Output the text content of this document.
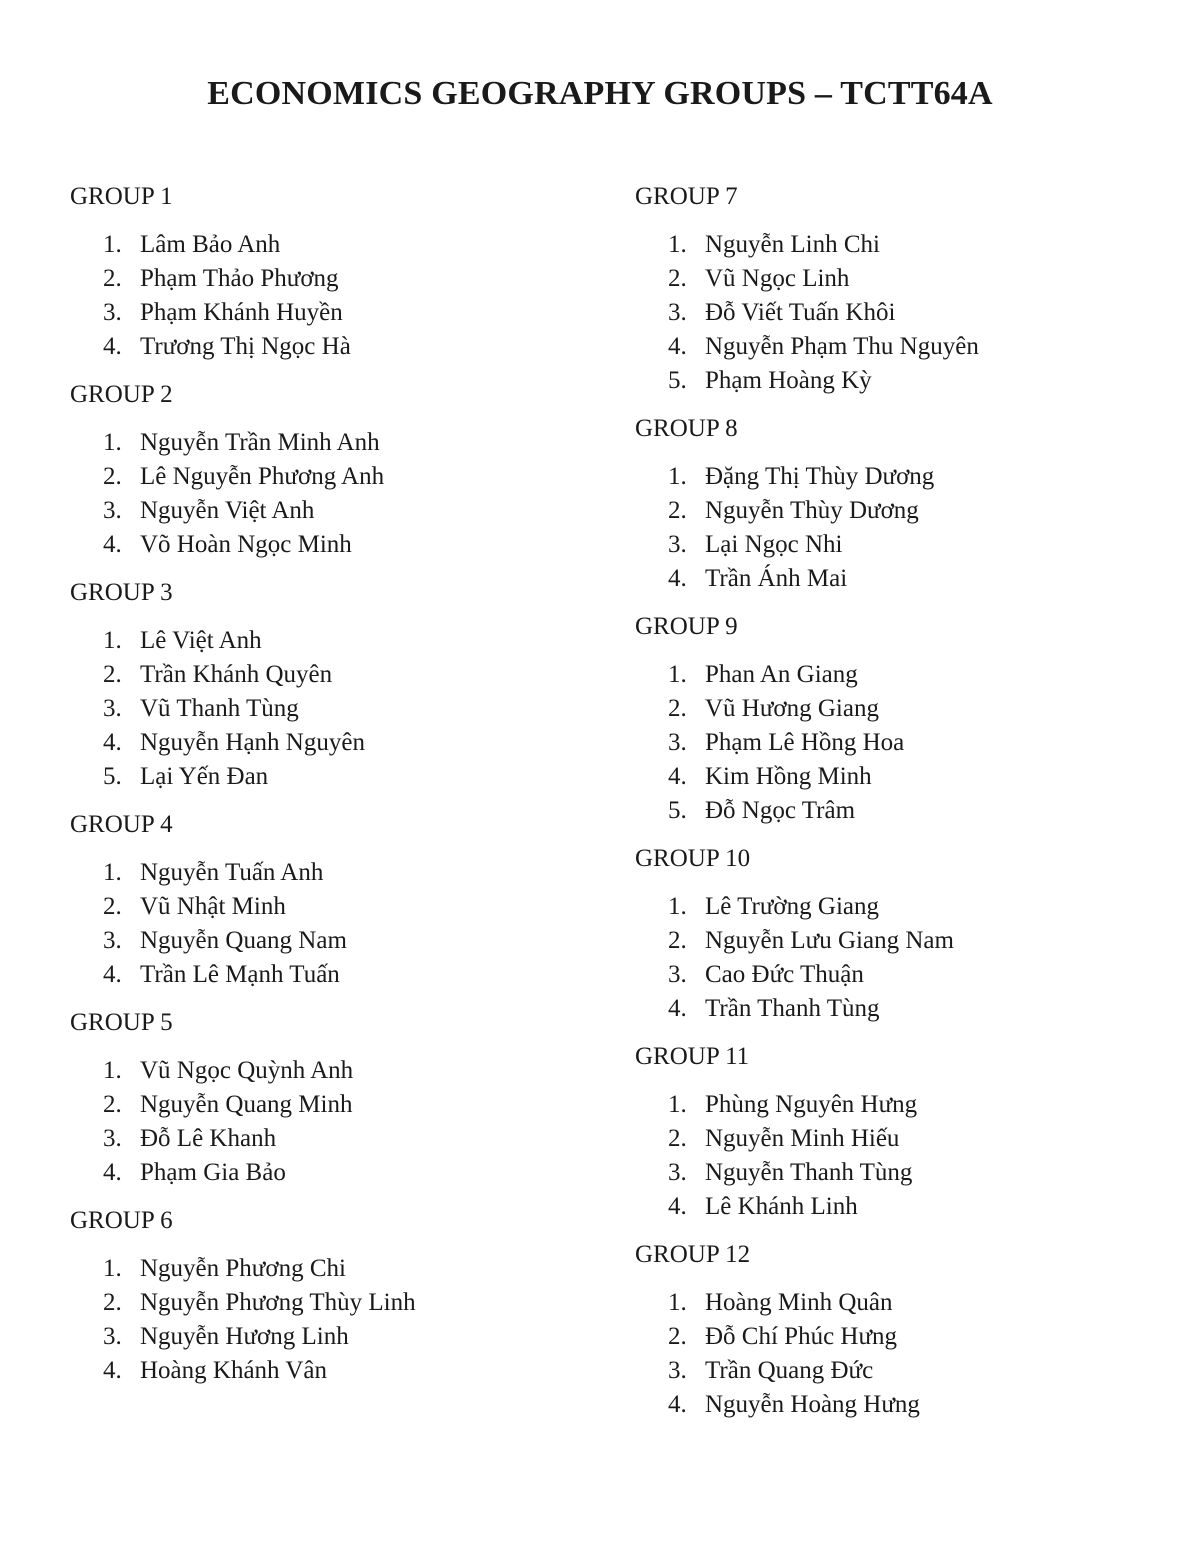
ECONOMICS GEOGRAPHY GROUPS – TCTT64A
GROUP 1
1. Lâm Bảo Anh
2. Phạm Thảo Phương
3. Phạm Khánh Huyền
4. Trương Thị Ngọc Hà
GROUP 2
1. Nguyễn Trần Minh Anh
2. Lê Nguyễn Phương Anh
3. Nguyễn Việt Anh
4. Võ Hoàn Ngọc Minh
GROUP 3
1. Lê Việt Anh
2. Trần Khánh Quyên
3. Vũ Thanh Tùng
4. Nguyễn Hạnh Nguyên
5. Lại Yến Đan
GROUP 4
1. Nguyễn Tuấn Anh
2. Vũ Nhật Minh
3. Nguyễn Quang Nam
4. Trần Lê Mạnh Tuấn
GROUP 5
1. Vũ Ngọc Quỳnh Anh
2. Nguyễn Quang Minh
3. Đỗ Lê Khanh
4. Phạm Gia Bảo
GROUP 6
1. Nguyễn Phương Chi
2. Nguyễn Phương Thùy Linh
3. Nguyễn Hương Linh
4. Hoàng Khánh Vân
GROUP 7
1. Nguyễn Linh Chi
2. Vũ Ngọc Linh
3. Đỗ Viết Tuấn Khôi
4. Nguyễn Phạm Thu Nguyên
5. Phạm Hoàng Kỳ
GROUP 8
1. Đặng Thị Thùy Dương
2. Nguyễn Thùy Dương
3. Lại Ngọc Nhi
4. Trần Ánh Mai
GROUP 9
1. Phan An Giang
2. Vũ Hương Giang
3. Phạm Lê Hồng Hoa
4. Kim Hồng Minh
5. Đỗ Ngọc Trâm
GROUP 10
1. Lê Trường Giang
2. Nguyễn Lưu Giang Nam
3. Cao Đức Thuận
4. Trần Thanh Tùng
GROUP 11
1. Phùng Nguyên Hưng
2. Nguyễn Minh Hiếu
3. Nguyễn Thanh Tùng
4. Lê Khánh Linh
GROUP 12
1. Hoàng Minh Quân
2. Đỗ Chí Phúc Hưng
3. Trần Quang Đức
4. Nguyễn Hoàng Hưng
